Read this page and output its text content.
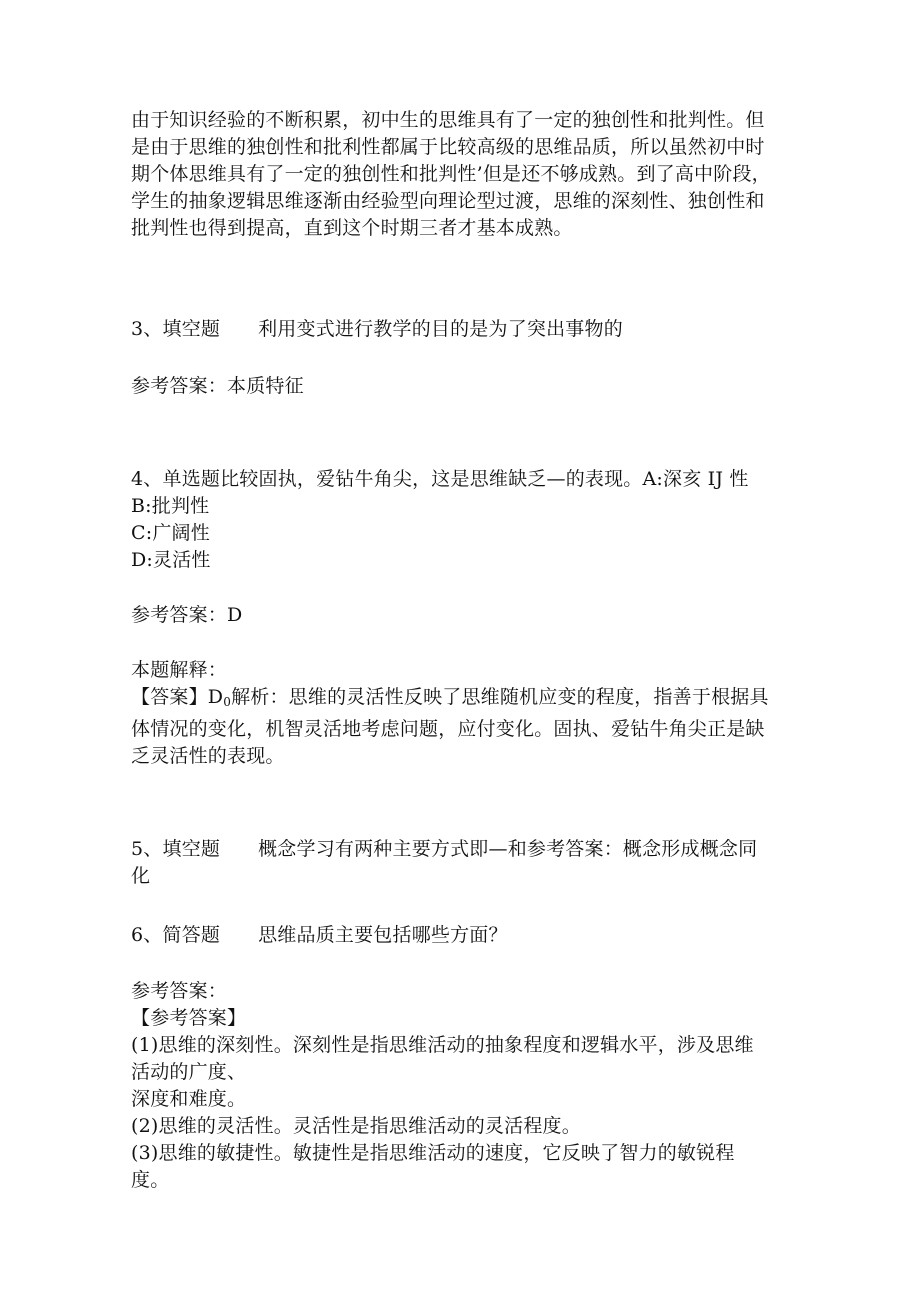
由于知识经验的不断积累，初中生的思维具有了一定的独创性和批判性。但
是由于思维的独创性和批利性都属于比较高级的思维品质，所以虽然初中时
期个体思维具有了一定的独创性和批判性’但是还不够成熟。到了高中阶段，
学生的抽象逻辑思维逐渐由经验型向理论型过渡，思维的深刻性、独创性和
批判性也得到提高，直到这个时期三者才基本成熟。
3、填空题 利用变式进行教学的目的是为了突出事物的
参考答案：本质特征
4、单选题比较固执，爱钻牛角尖，这是思维缺乏—的表现。A:深亥 IJ 性
B:批判性
C:广阔性
D:灵活性
参考答案：D
本题解释：
【答案】D0解析：思维的灵活性反映了思维随机应变的程度，指善于根据具
体情况的变化，机智灵活地考虑问题，应付变化。固执、爱钻牛角尖正是缺
乏灵活性的表现。
5、填空题 概念学习有两种主要方式即—和参考答案：概念形成概念同
化
6、简答题 思维品质主要包括哪些方面？
参考答案：
【参考答案】
(1)思维的深刻性。深刻性是指思维活动的抽象程度和逻辑水平，涉及思维
活动的广度、
深度和难度。
(2)思维的灵活性。灵活性是指思维活动的灵活程度。
(3)思维的敏捷性。敏捷性是指思维活动的速度，它反映了智力的敏锐程
度。
